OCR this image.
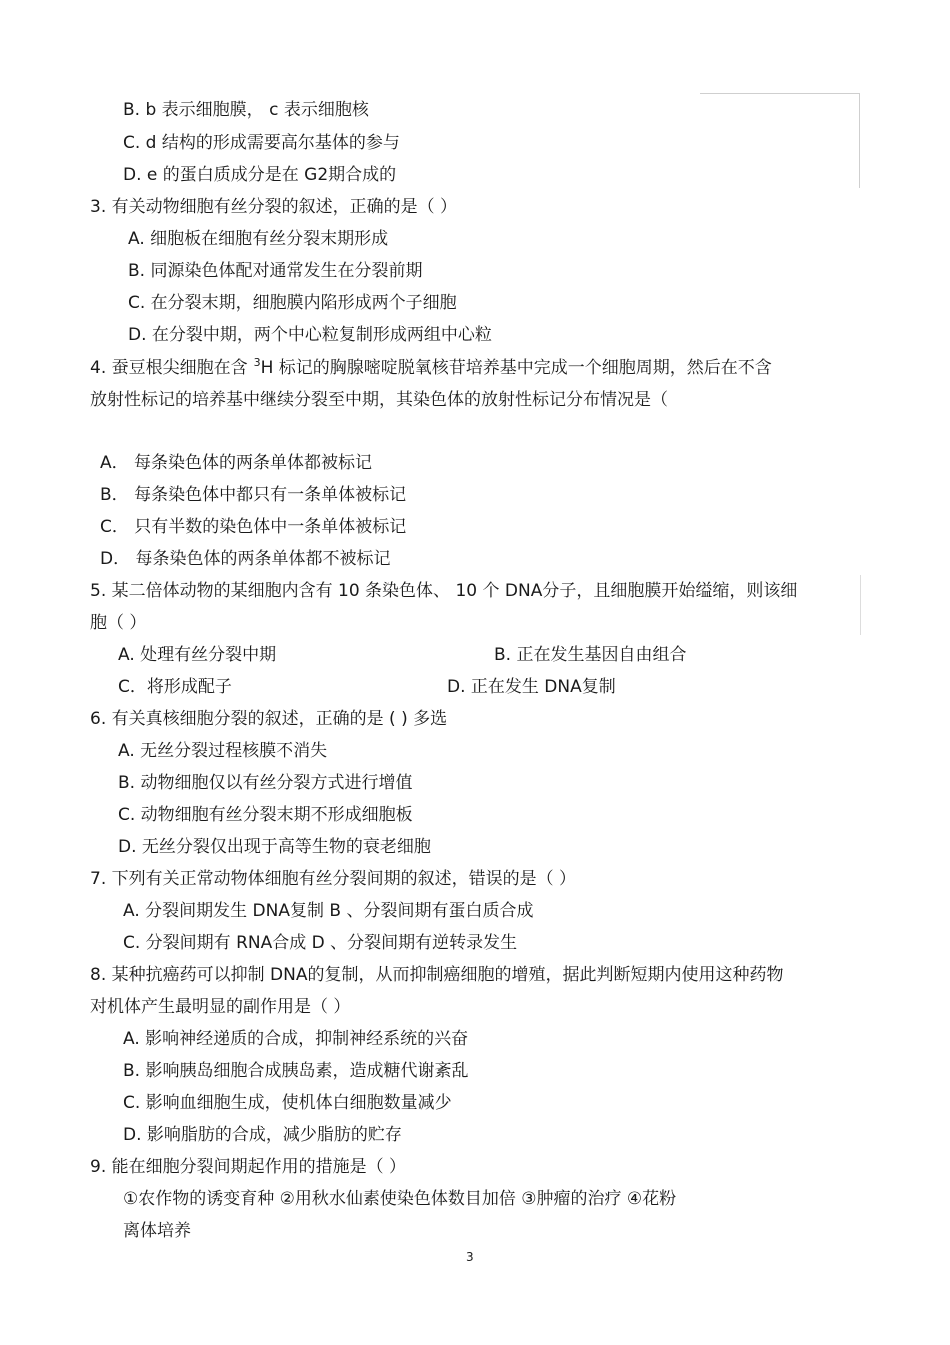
B. b 表示细胞膜， c 表示细胞核
C. d 结构的形成需要高尔基体的参与
D. e 的蛋白质成分是在 G2期合成的
3. 有关动物细胞有丝分裂的叙述，正确的是（ ）
A. 细胞板在细胞有丝分裂末期形成
B. 同源染色体配对通常发生在分裂前期
C. 在分裂末期，细胞膜内陷形成两个子细胞
D. 在分裂中期，两个中心粒复制形成两组中心粒
4. 蚕豆根尖细胞在含 $^3$H 标记的胸腺嘧啶脱氧核苷培养基中完成一个细胞周期，然后在不含
放射性标记的培养基中继续分裂至中期，其染色体的放射性标记分布情况是（
A． 每条染色体的两条单体都被标记
B． 每条染色体中都只有一条单体被标记
C． 只有半数的染色体中一条单体被标记
D． 每条染色体的两条单体都不被标记
5. 某二倍体动物的某细胞内含有 10 条染色体、 10 个 DNA分子，且细胞膜开始缢缩，则该细
胞（ ）
A. 处理有丝分裂中期	B. 正在发生基因自由组合
C．将形成配子	D. 正在发生 DNA复制
6. 有关真核细胞分裂的叙述，正确的是 ( ) 多选
A. 无丝分裂过程核膜不消失
B. 动物细胞仅以有丝分裂方式进行增值
C. 动物细胞有丝分裂末期不形成细胞板
D. 无丝分裂仅出现于高等生物的衰老细胞
7. 下列有关正常动物体细胞有丝分裂间期的叙述，错误的是（ ）
A. 分裂间期发生 DNA复制 B 、分裂间期有蛋白质合成
C. 分裂间期有 RNA合成 D 、分裂间期有逆转录发生
8. 某种抗癌药可以抑制 DNA的复制，从而抑制癌细胞的增殖，据此判断短期内使用这种药物
对机体产生最明显的副作用是（ ）
A. 影响神经递质的合成，抑制神经系统的兴奋
B. 影响胰岛细胞合成胰岛素，造成糖代谢紊乱
C. 影响血细胞生成，使机体白细胞数量减少
D. 影响脂肪的合成，减少脂肪的贮存
9. 能在细胞分裂间期起作用的措施是（ ）
①农作物的诱变育种 ②用秋水仙素使染色体数目加倍 ③肿瘤的治疗 ④花粉
离体培养
3
